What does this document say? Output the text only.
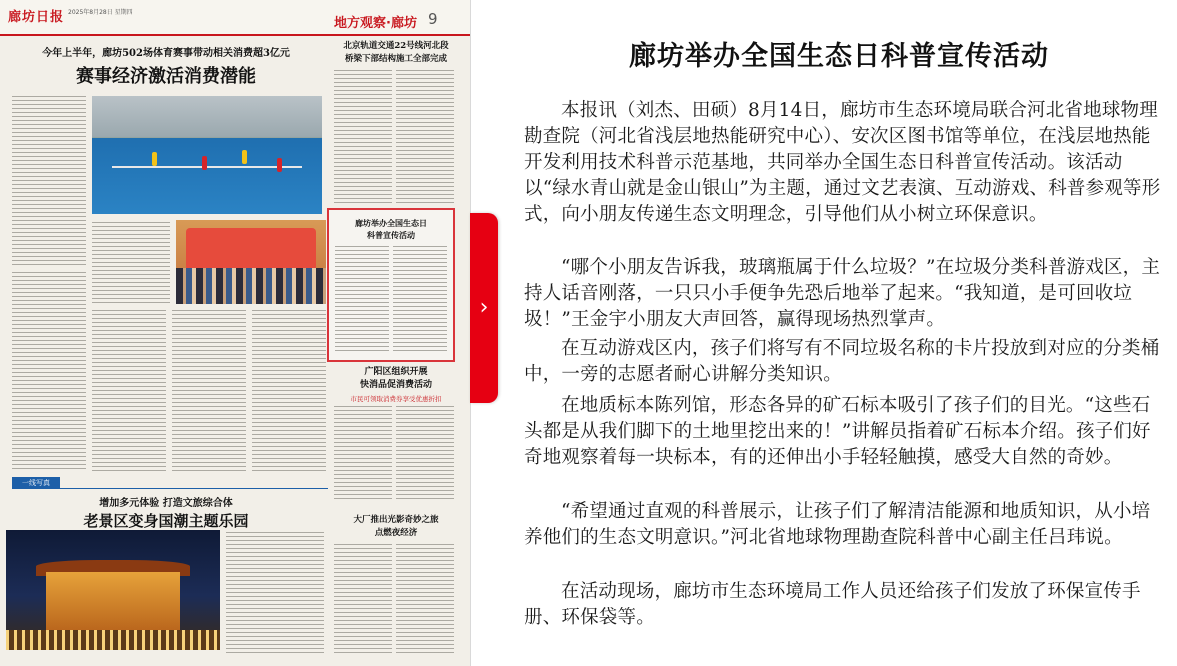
廊坊日报 2025年8月28日 星期四
地方观察·廊坊 9
今年上半年，廊坊502场体育赛事带动相关消费超3亿元
赛事经济激活消费潜能
北京轨道交通22号线河北段
桥梁下部结构施工全部完成
廊坊举办全国生态日
科普宣传活动
广阳区组织开展
快消品促消费活动
市民可领取消费券享受优惠折扣
一线写真
增加多元体验 打造文旅综合体
老景区变身国潮主题乐园	大厂推出光影奇妙之旅
点燃夜经济
›
廊坊举办全国生态日科普宣传活动

本报讯（刘杰、田硕）8月14日，廊坊市生态环境局联合河北省地球物理勘查院（河北省浅层地热能研究中心）、安次区图书馆等单位，在浅层地热能开发利用技术科普示范基地，共同举办全国生态日科普宣传活动。该活动以“绿水青山就是金山银山”为主题，通过文艺表演、互动游戏、科普参观等形式，向小朋友传递生态文明理念，引导他们从小树立环保意识。

“哪个小朋友告诉我，玻璃瓶属于什么垃圾？”在垃圾分类科普游戏区，主持人话音刚落，一只只小手便争先恐后地举了起来。“我知道，是可回收垃圾！”王金宇小朋友大声回答，赢得现场热烈掌声。

在互动游戏区内，孩子们将写有不同垃圾名称的卡片投放到对应的分类桶中，一旁的志愿者耐心讲解分类知识。

在地质标本陈列馆，形态各异的矿石标本吸引了孩子们的目光。“这些石头都是从我们脚下的土地里挖出来的！”讲解员指着矿石标本介绍。孩子们好奇地观察着每一块标本，有的还伸出小手轻轻触摸，感受大自然的奇妙。

“希望通过直观的科普展示，让孩子们了解清洁能源和地质知识，从小培养他们的生态文明意识。”河北省地球物理勘查院科普中心副主任吕玮说。

在活动现场，廊坊市生态环境局工作人员还给孩子们发放了环保宣传手册、环保袋等。
